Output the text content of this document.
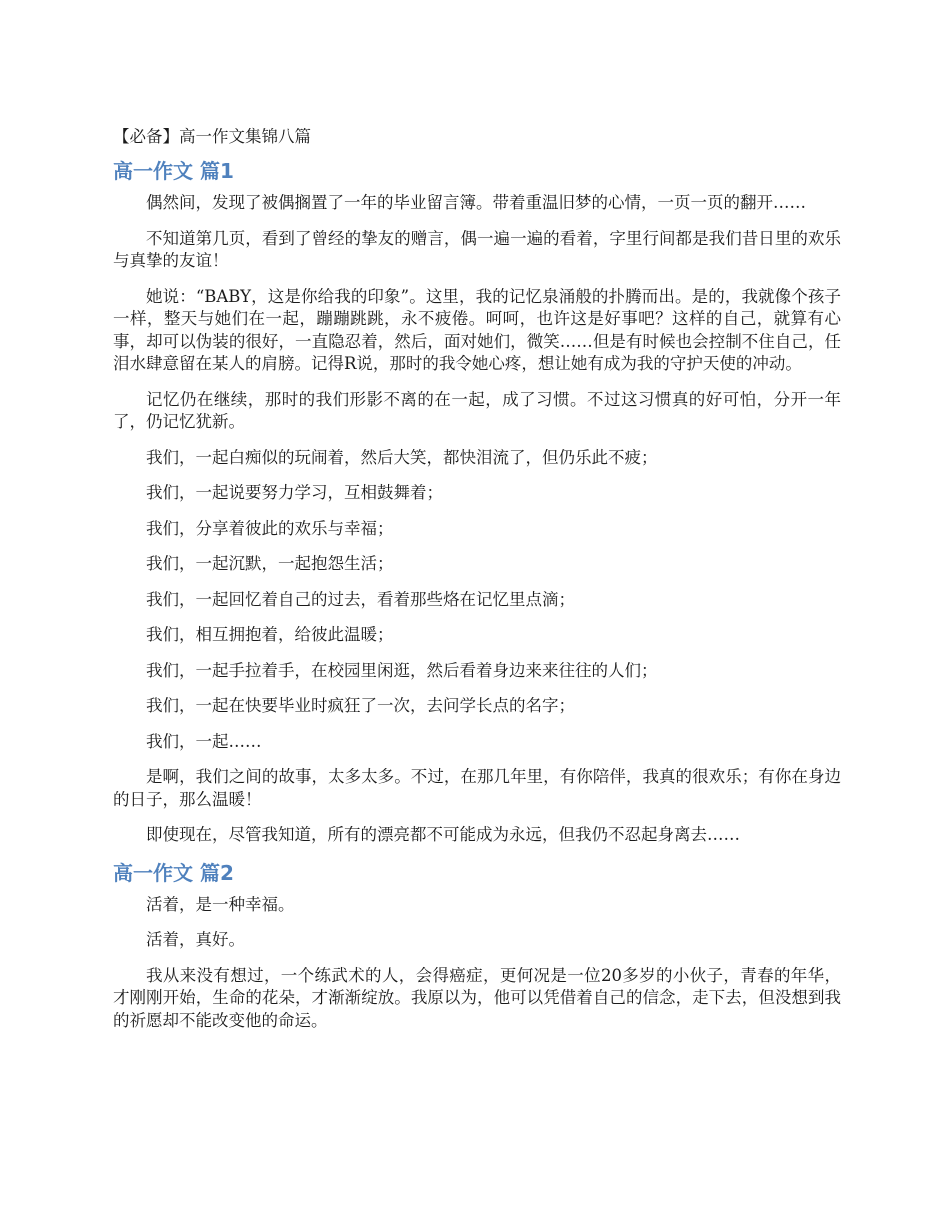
【必备】高一作文集锦八篇
高一作文 篇1

偶然间，发现了被偶搁置了一年的毕业留言簿。带着重温旧梦的心情，一页一页的翻开……

不知道第几页，看到了曾经的挚友的赠言，偶一遍一遍的看着，字里行间都是我们昔日里的欢乐与真挚的友谊！

她说：“BABY，这是你给我的印象”。这里，我的记忆泉涌般的扑腾而出。是的，我就像个孩子一样，整天与她们在一起，蹦蹦跳跳，永不疲倦。呵呵，也许这是好事吧？这样的自己，就算有心事，却可以伪装的很好，一直隐忍着，然后，面对她们，微笑……但是有时候也会控制不住自己，任泪水肆意留在某人的肩膀。记得R说，那时的我令她心疼，想让她有成为我的守护天使的冲动。

记忆仍在继续，那时的我们形影不离的在一起，成了习惯。不过这习惯真的好可怕，分开一年了，仍记忆犹新。

我们，一起白痴似的玩闹着，然后大笑，都快泪流了，但仍乐此不疲；

我们，一起说要努力学习，互相鼓舞着；

我们，分享着彼此的欢乐与幸福；

我们，一起沉默，一起抱怨生活；

我们，一起回忆着自己的过去，看着那些烙在记忆里点滴；

我们，相互拥抱着，给彼此温暖；

我们，一起手拉着手，在校园里闲逛，然后看着身边来来往往的人们；

我们，一起在快要毕业时疯狂了一次，去问学长点的名字；

我们，一起……

是啊，我们之间的故事，太多太多。不过，在那几年里，有你陪伴，我真的很欢乐；有你在身边的日子，那么温暖！

即使现在，尽管我知道，所有的漂亮都不可能成为永远，但我仍不忍起身离去……

高一作文 篇2

活着，是一种幸福。

活着，真好。

我从来没有想过，一个练武术的人，会得癌症，更何况是一位20多岁的小伙子，青春的年华，才刚刚开始，生命的花朵，才渐渐绽放。我原以为，他可以凭借着自己的信念，走下去，但没想到我的祈愿却不能改变他的命运。
